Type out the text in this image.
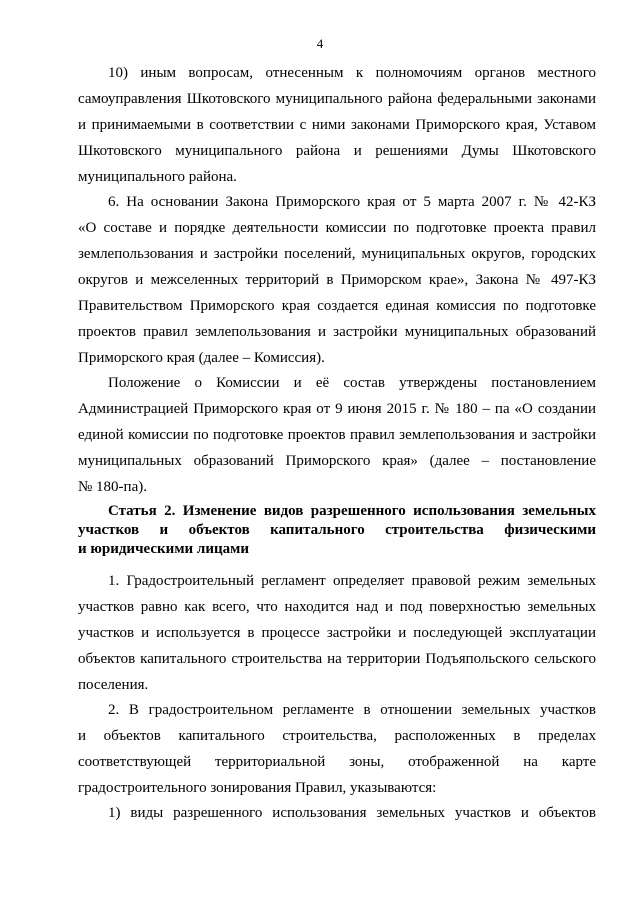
4
10) иным вопросам, отнесенным к полномочиям органов местного
самоуправления Шкотовского муниципального района федеральными законами
и принимаемыми в соответствии с ними законами Приморского края, Уставом
Шкотовского муниципального района и решениями Думы Шкотовского
муниципального района.
6. На основании Закона Приморского края от 5 марта 2007 г. № 42-КЗ
«О составе и порядке деятельности комиссии по подготовке проекта правил
землепользования и застройки поселений, муниципальных округов, городских
округов и межселенных территорий в Приморском крае», Закона № 497-КЗ
Правительством Приморского края создается единая комиссия по подготовке
проектов правил землепользования и застройки муниципальных образований
Приморского края (далее – Комиссия).
Положение о Комиссии и её состав утверждены постановлением
Администрацией Приморского края от 9 июня 2015 г. № 180 – па «О создании
единой комиссии по подготовке проектов правил землепользования и застройки
муниципальных образований Приморского края» (далее – постановление
№ 180-па).
Статья 2. Изменение видов разрешенного использования земельных
участков и объектов капитального строительства физическими
и юридическими лицами
1. Градостроительный регламент определяет правовой режим земельных
участков равно как всего, что находится над и под поверхностью земельных
участков и используется в процессе застройки и последующей эксплуатации
объектов капитального строительства на территории Подъяпольского сельского
поселения.
2. В градостроительном регламенте в отношении земельных участков
и объектов капитального строительства, расположенных в пределах
соответствующей территориальной зоны, отображенной на карте
градостроительного зонирования Правил, указываются:
1) виды разрешенного использования земельных участков и объектов
